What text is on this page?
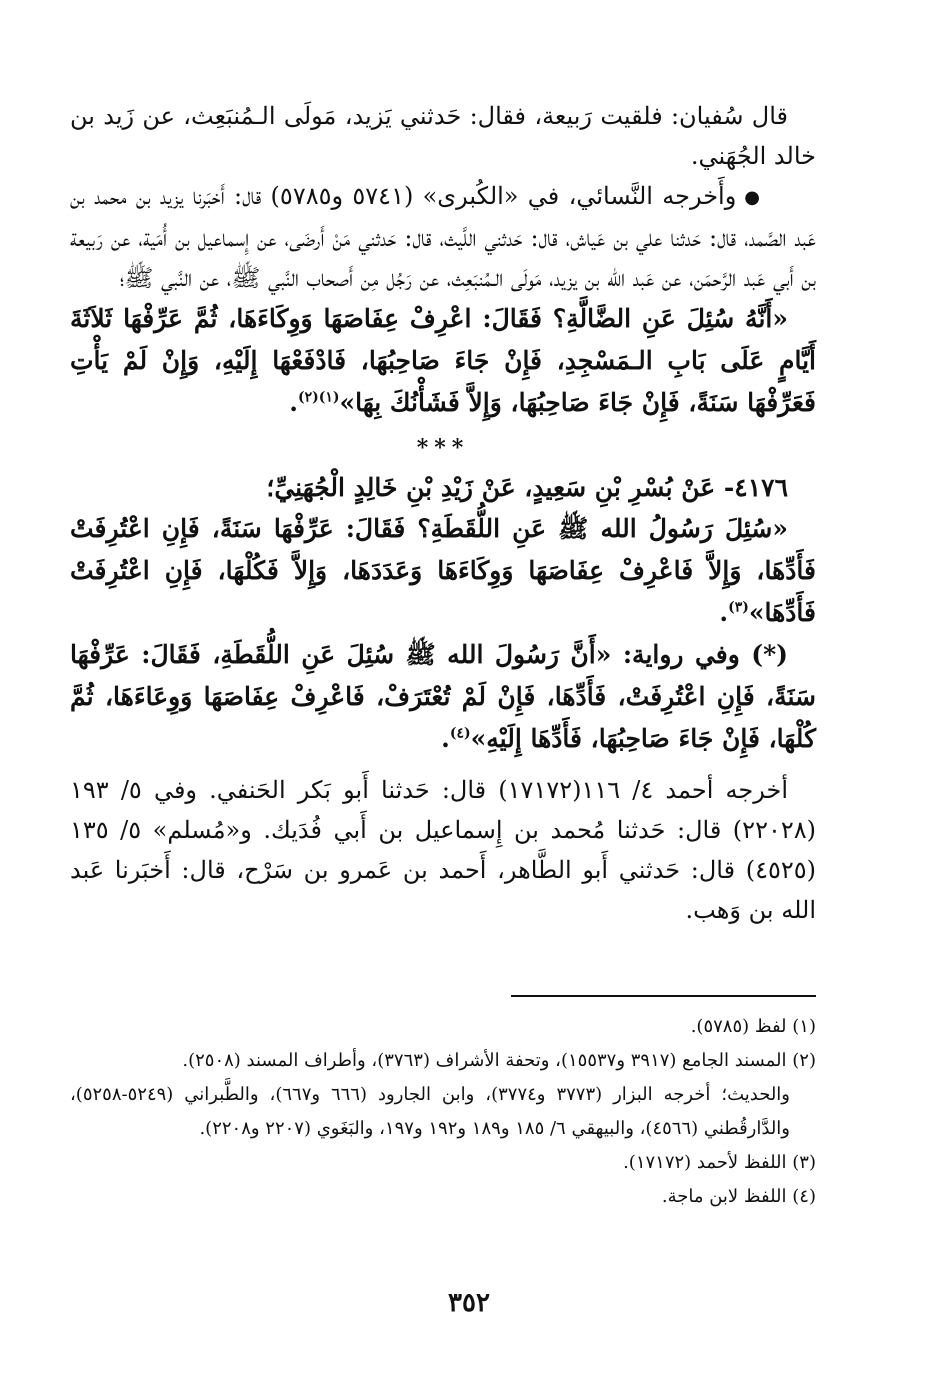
قال سُفيان: فلقيت رَبيعة، فقال: حَدثني يَزيد، مَولَى الـمُنبَعِث، عن زَيد بن خالد الجُهَني.

●وأَخرجه النَّسائي، في «الكُبرى» (٥٧٤١ و٥٧٨٥) قال: أَخبَرنا يزيد بن محمد بن عَبد الصَّمد، قال: حَدثنا علي بن عَياش، قال: حَدثني اللَّيث، قال: حَدثني مَنْ أَرضَى، عن إِسماعيل بن أُمَية، عن رَبيعة بن أَبي عَبد الرَّحمَن، عن عَبد الله بن يزيد، مَولَى الـمُنبَعِث، عن رَجُل مِن أَصحاب النَّبي ﷺ، عن النَّبي ﷺ؛

«أَنَّهُ سُئِلَ عَنِ الضَّالَّةِ؟ فَقَالَ: اعْرِفْ عِفَاصَهَا وَوِكَاءَهَا، ثُمَّ عَرِّفْهَا ثَلاَثَةَ أَيَّامٍ عَلَى بَابِ الـمَسْجِدِ، فَإِنْ جَاءَ صَاحِبُهَا، فَادْفَعْهَا إِلَيْهِ، وَإِنْ لَمْ يَأْتِ فَعَرِّفْهَا سَنَةً، فَإِنْ جَاءَ صَاحِبُهَا، وَإِلاَّ فَشَأْنُكَ بِهَا»$^{(١)(٢)}$.

***

٤١٧٦- عَنْ بُسْرِ بْنِ سَعِيدٍ، عَنْ زَيْدِ بْنِ خَالِدٍ الْجُهَنِيِّ؛

«سُئِلَ رَسُولُ الله ﷺ عَنِ اللُّقَطَةِ؟ فَقَالَ: عَرِّفْهَا سَنَةً، فَإِنِ اعْتُرِفَتْ فَأَدِّهَا، وَإِلاَّ فَاعْرِفْ عِفَاصَهَا وَوِكَاءَهَا وَعَدَدَهَا، وَإِلاَّ فَكُلْهَا، فَإِنِ اعْتُرِفَتْ فَأَدِّهَا»$^{(٣)}$.

(*) وفي رواية: «أَنَّ رَسُولَ الله ﷺ سُئِلَ عَنِ اللُّقَطَةِ، فَقَالَ: عَرِّفْهَا سَنَةً، فَإِنِ اعْتُرِفَتْ، فَأَدِّهَا، فَإِنْ لَمْ تُعْتَرَفْ، فَاعْرِفْ عِفَاصَهَا وَوِعَاءَهَا، ثُمَّ كُلْهَا، فَإِنْ جَاءَ صَاحِبُهَا، فَأَدِّهَا إِلَيْهِ»$^{(٤)}$.

أخرجه أحمد ٤/ ١١٦(١٧١٧٢) قال: حَدثنا أَبو بَكر الحَنفي. وفي ٥/ ١٩٣ (٢٢٠٢٨) قال: حَدثنا مُحمد بن إِسماعيل بن أَبي فُدَيك. و«مُسلم» ٥/ ١٣٥ (٤٥٢٥) قال: حَدثني أَبو الطَّاهر، أَحمد بن عَمرو بن سَرْح، قال: أَخبَرنا عَبد الله بن وَهب.

(١) لفظ (٥٧٨٥).

(٢) المسند الجامع (٣٩١٧ و١٥٥٣٧)، وتحفة الأشراف (٣٧٦٣)، وأطراف المسند (٢٥٠٨).

والحديث؛ أخرجه البزار (٣٧٧٣ و٣٧٧٤)، وابن الجارود (٦٦٦ و٦٦٧)، والطَّبراني (٥٢٤٩-٥٢٥٨)، والدَّارقُطني (٤٥٦٦)، والبيهقي ٦/ ١٨٥ و١٨٩ و١٩٢ و١٩٧، والبَغَوي (٢٢٠٧ و٢٢٠٨).

(٣) اللفظ لأحمد (١٧١٧٢).

(٤) اللفظ لابن ماجة.

٣٥٢
